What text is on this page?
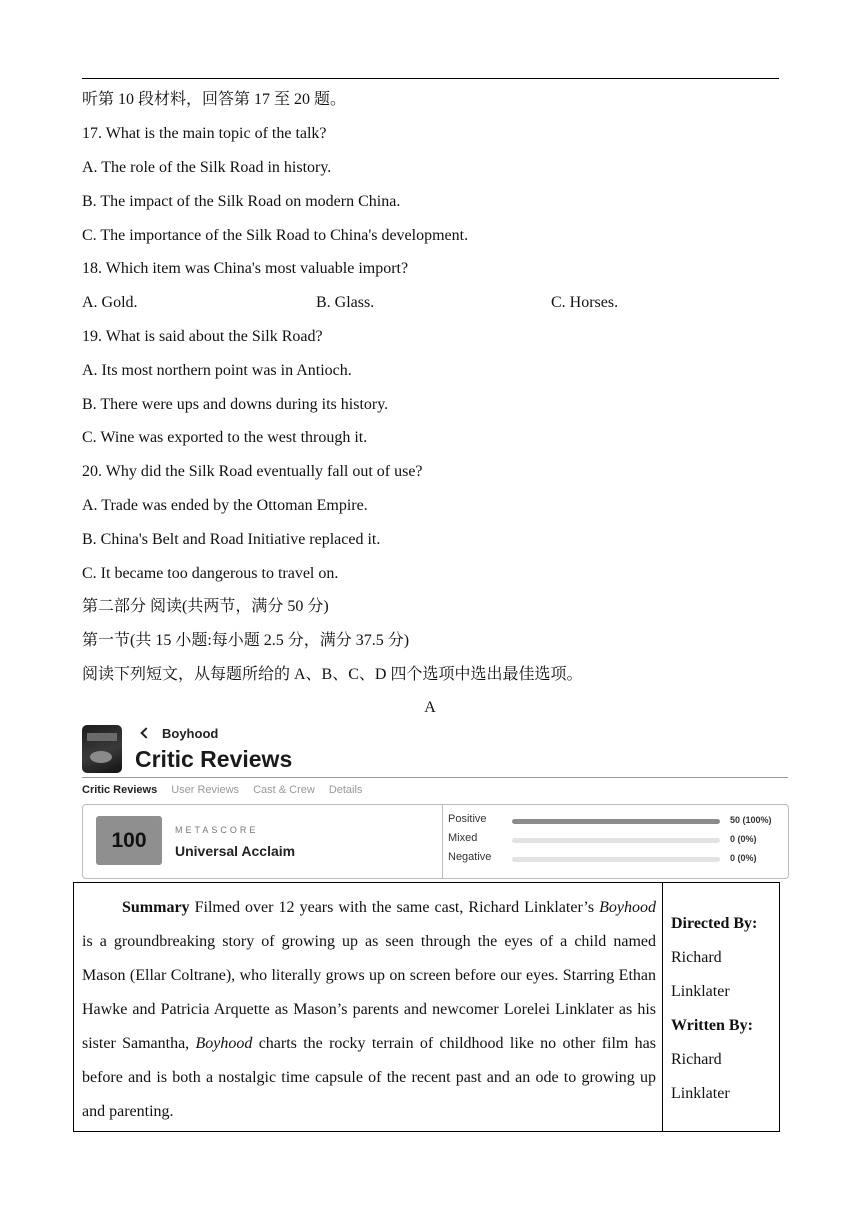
听第 10 段材料，回答第 17 至 20 题。
17. What is the main topic of the talk?
A. The role of the Silk Road in history.
B. The impact of the Silk Road on modern China.
C. The importance of the Silk Road to China's development.
18. Which item was China's most valuable import?
A. Gold.	B. Glass.	C. Horses.
19. What is said about the Silk Road?
A. Its most northern point was in Antioch.
B. There were ups and downs during its history.
C. Wine was exported to the west through it.
20. Why did the Silk Road eventually fall out of use?
A. Trade was ended by the Ottoman Empire.
B. China's Belt and Road Initiative replaced it.
C. It became too dangerous to travel on.
第二部分 阅读(共两节，满分 50 分)
第一节(共 15 小题:每小题 2.5 分，满分 37.5 分)
阅读下列短文，从每题所给的 A、B、C、D 四个选项中选出最佳选项。
A
Boyhood
Critic Reviews
Critic Reviews User Reviews Cast & Crew Details
100	METASCORE
Universal Acclaim
Positive	50 (100%)
Mixed	0 (0%)
Negative	0 (0%)
Summary Filmed over 12 years with the same cast, Richard Linklater’s Boyhood is a groundbreaking story of growing up as seen through the eyes of a child named Mason (Ellar Coltrane), who literally grows up on screen before our eyes. Starring Ethan Hawke and Patricia Arquette as Mason’s parents and newcomer Lorelei Linklater as his sister Samantha, Boyhood charts the rocky terrain of childhood like no other film has before and is both a nostalgic time capsule of the recent past and an ode to growing up and parenting.
Directed By:
Richard
Linklater
Written By:
Richard
Linklater
